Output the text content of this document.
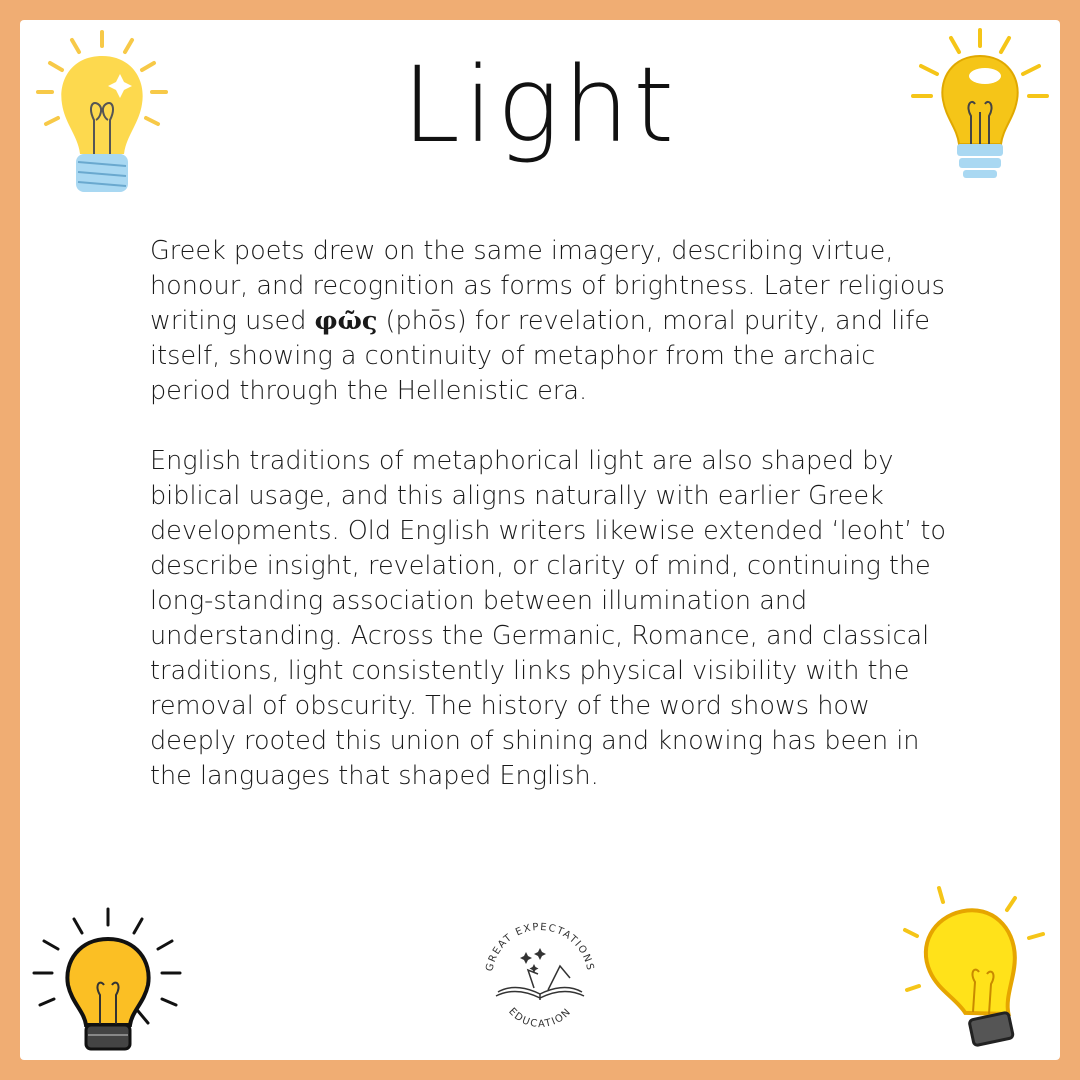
Light

Greek poets drew on the same imagery, describing virtue, honour, and recognition as forms of brightness. Later religious writing used φῶς (phōs) for revelation, moral purity, and life itself, showing a continuity of metaphor from the archaic period through the Hellenistic era.

English traditions of metaphorical light are also shaped by biblical usage, and this aligns naturally with earlier Greek developments. Old English writers likewise extended ‘leoht’ to describe insight, revelation, or clarity of mind, continuing the long-standing association between illumination and understanding. Across the Germanic, Romance, and classical traditions, light consistently links physical visibility with the removal of obscurity. The history of the word shows how deeply rooted this union of shining and knowing has been in the languages that shaped English.

GREAT EXPECTATIONS
EDUCATION
